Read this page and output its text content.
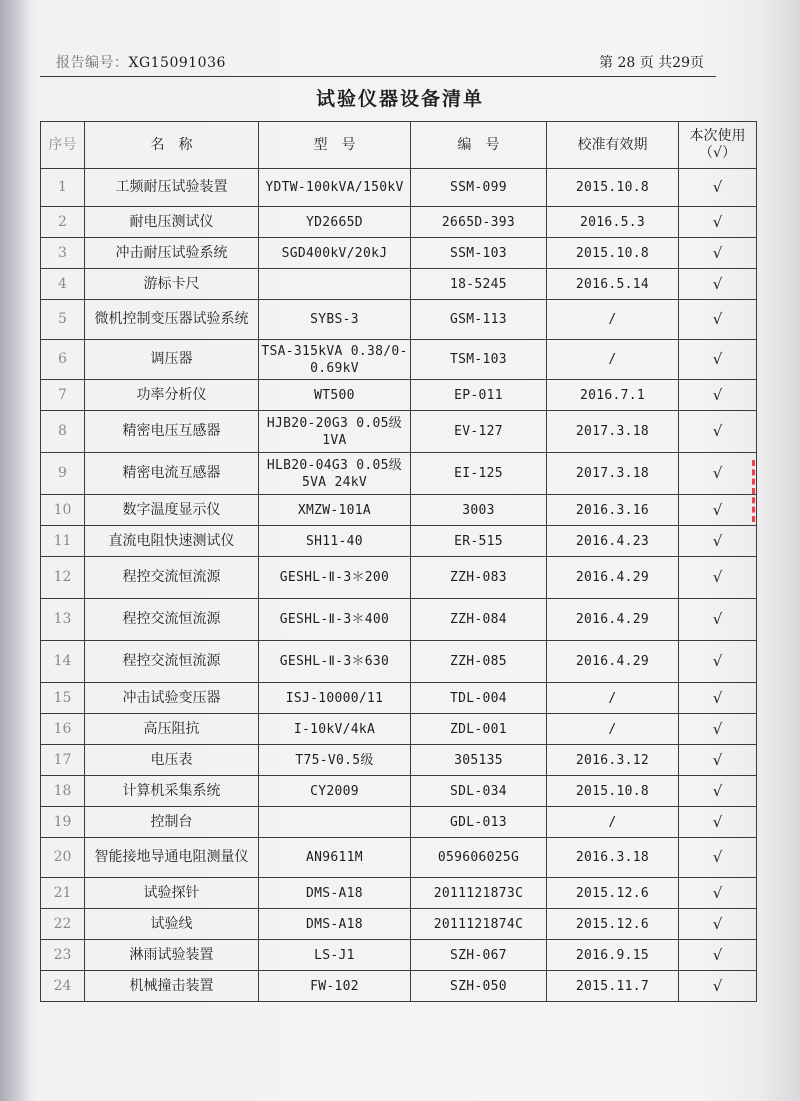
报告编号：XG15091036	第 28 页 共29页
试验仪器设备清单
序号	名　称	型　号	编　号	校准有效期	本次使用
（√）
1	工频耐压试验装置	YDTW-100kVA/150kV	SSM-099	2015.10.8	√
2	耐电压测试仪	YD2665D	2665D-393	2016.5.3	√
3	冲击耐压试验系统	SGD400kV/20kJ	SSM-103	2015.10.8	√
4	游标卡尺		18-5245	2016.5.14	√
5	微机控制变压器试验系统	SYBS-3	GSM-113	/	√
6	调压器	TSA-315kVA 0.38/0-0.69kV	TSM-103	/	√
7	功率分析仪	WT500	EP-011	2016.7.1	√
8	精密电压互感器	HJB20-20G3 0.05级 1VA	EV-127	2017.3.18	√
9	精密电流互感器	HLB20-04G3 0.05级 5VA 24kV	EI-125	2017.3.18	√
10	数字温度显示仪	XMZW-101A	3003	2016.3.16	√
11	直流电阻快速测试仪	SH11-40	ER-515	2016.4.23	√
12	程控交流恒流源	GESHL-Ⅱ-3＊200	ZZH-083	2016.4.29	√
13	程控交流恒流源	GESHL-Ⅱ-3＊400	ZZH-084	2016.4.29	√
14	程控交流恒流源	GESHL-Ⅱ-3＊630	ZZH-085	2016.4.29	√
15	冲击试验变压器	ISJ-10000/11	TDL-004	/	√
16	高压阻抗	I-10kV/4kA	ZDL-001	/	√
17	电压表	T75-V0.5级	305135	2016.3.12	√
18	计算机采集系统	CY2009	SDL-034	2015.10.8	√
19	控制台		GDL-013	/	√
20	智能接地导通电阻测量仪	AN9611M	059606025G	2016.3.18	√
21	试验探针	DMS-A18	2011121873C	2015.12.6	√
22	试验线	DMS-A18	2011121874C	2015.12.6	√
23	淋雨试验装置	LS-J1	SZH-067	2016.9.15	√
24	机械撞击装置	FW-102	SZH-050	2015.11.7	√
